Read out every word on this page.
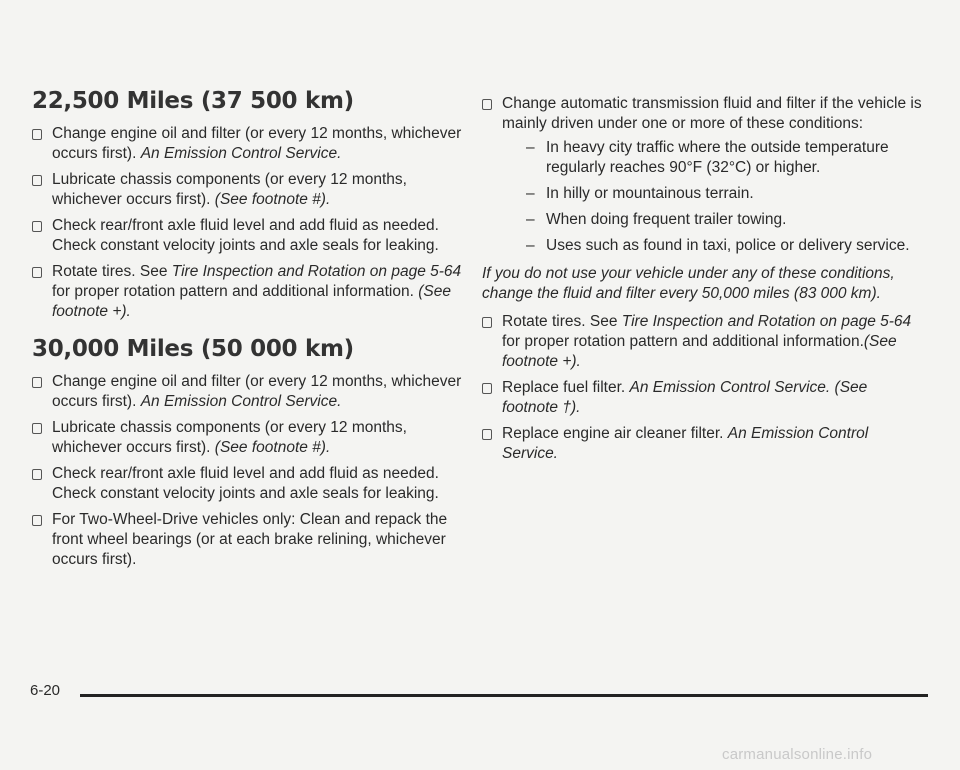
22,500 Miles (37 500 km)
Change engine oil and filter (or every 12 months, whichever occurs first). An Emission Control Service.
Lubricate chassis components (or every 12 months, whichever occurs first). (See footnote #).
Check rear/front axle fluid level and add fluid as needed. Check constant velocity joints and axle seals for leaking.
Rotate tires. See Tire Inspection and Rotation on page 5-64 for proper rotation pattern and additional information. (See footnote +).
30,000 Miles (50 000 km)
Change engine oil and filter (or every 12 months, whichever occurs first). An Emission Control Service.
Lubricate chassis components (or every 12 months, whichever occurs first). (See footnote #).
Check rear/front axle fluid level and add fluid as needed. Check constant velocity joints and axle seals for leaking.
For Two-Wheel-Drive vehicles only: Clean and repack the front wheel bearings (or at each brake relining, whichever occurs first).
Change automatic transmission fluid and filter if the vehicle is mainly driven under one or more of these conditions:
– In heavy city traffic where the outside temperature regularly reaches 90°F (32°C) or higher.
– In hilly or mountainous terrain.
– When doing frequent trailer towing.
– Uses such as found in taxi, police or delivery service.

If you do not use your vehicle under any of these conditions, change the fluid and filter every 50,000 miles (83 000 km).

Rotate tires. See Tire Inspection and Rotation on page 5-64 for proper rotation pattern and additional information.(See footnote +).
Replace fuel filter. An Emission Control Service. (See footnote †).
Replace engine air cleaner filter. An Emission Control Service.
6-20
carmanualsonline.info
